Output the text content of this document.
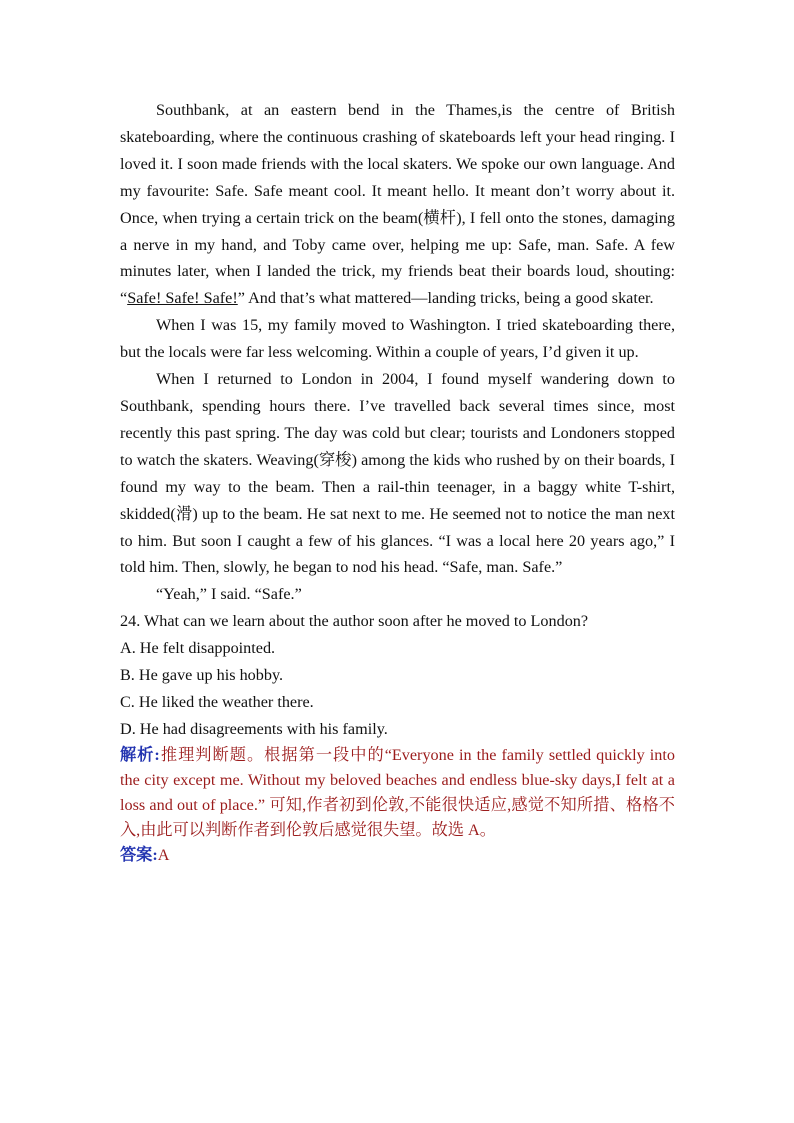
Southbank, at an eastern bend in the Thames,is the centre of British skateboarding, where the continuous crashing of skateboards left your head ringing. I loved it. I soon made friends with the local skaters. We spoke our own language. And my favourite: Safe. Safe meant cool. It meant hello. It meant don’t worry about it. Once, when trying a certain trick on the beam(横杆), I fell onto the stones, damaging a nerve in my hand, and Toby came over, helping me up: Safe, man. Safe. A few minutes later, when I landed the trick, my friends beat their boards loud, shouting: “Safe! Safe! Safe!” And that’s what mattered—landing tricks, being a good skater.

When I was 15, my family moved to Washington. I tried skateboarding there, but the locals were far less welcoming. Within a couple of years, I’d given it up.

When I returned to London in 2004, I found myself wandering down to Southbank, spending hours there. I’ve travelled back several times since, most recently this past spring. The day was cold but clear; tourists and Londoners stopped to watch the skaters. Weaving(穿梭) among the kids who rushed by on their boards, I found my way to the beam. Then a rail-thin teenager, in a baggy white T-shirt, skidded(滑) up to the beam. He sat next to me. He seemed not to notice the man next to him. But soon I caught a few of his glances. “I was a local here 20 years ago,” I told him. Then, slowly, he began to nod his head. “Safe, man. Safe.”

“Yeah,” I said. “Safe.”

24. What can we learn about the author soon after he moved to London?

A. He felt disappointed.

B. He gave up his hobby.

C. He liked the weather there.

D. He had disagreements with his family.

解析:推理判断题。根据第一段中的“Everyone in the family settled quickly into the city except me. Without my beloved beaches and endless blue-sky days,I felt at a loss and out of place.” 可知,作者初到伦敦,不能很快适应,感觉不知所措、格格不入,由此可以判断作者到伦敦后感觉很失望。故选 A。

答案:A
